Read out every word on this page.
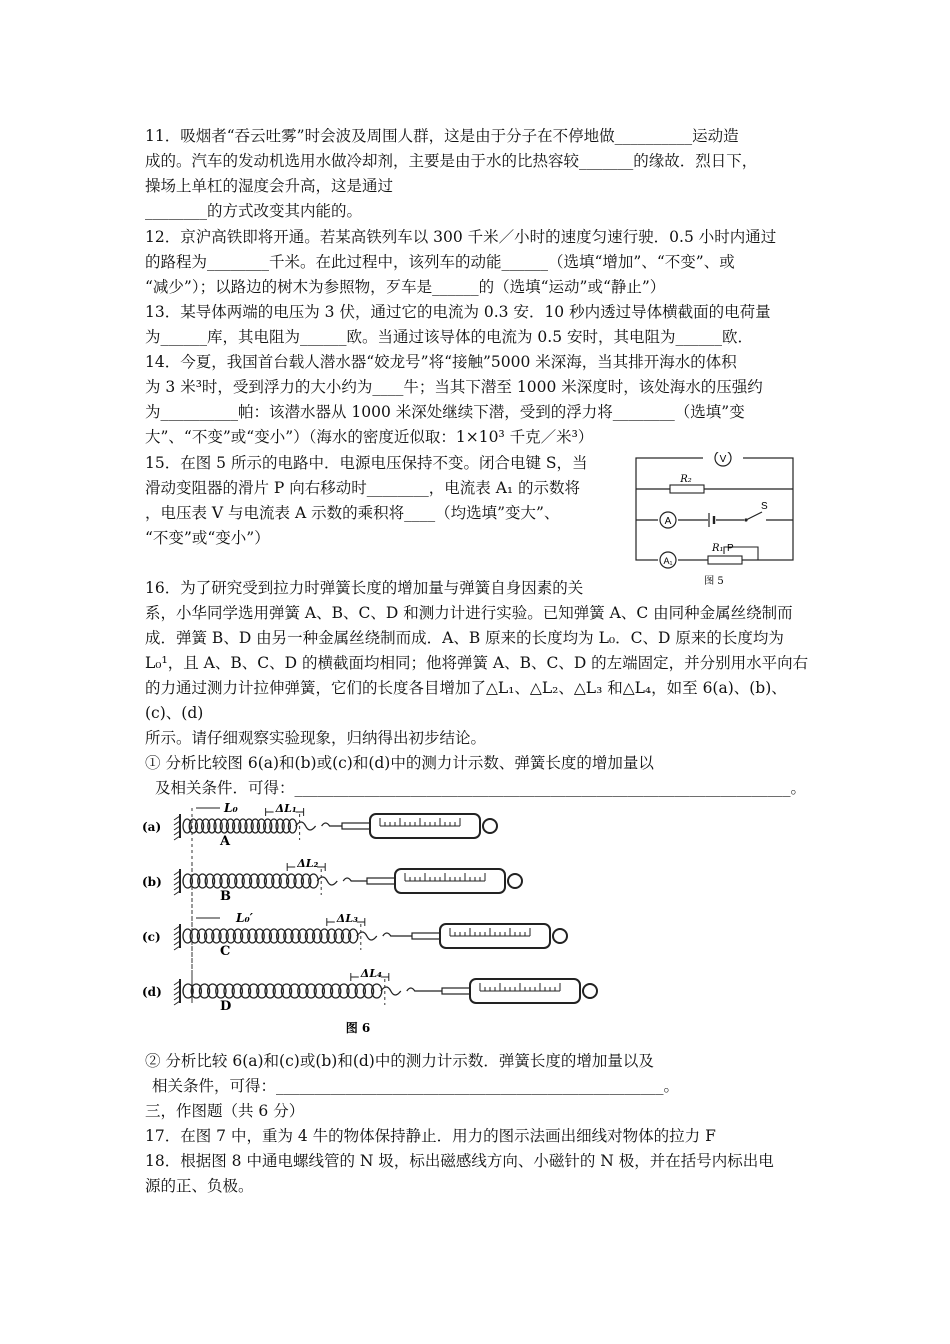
11．吸烟者“吞云吐雾”时会波及周围人群，这是由于分子在不停地做__________运动造
成的。汽车的发动机选用水做冷却剂，主要是由于水的比热容较_______的缘故．烈日下，
操场上单杠的湿度会升高，这是通过
________的方式改变其内能的。
12．京沪高铁即将开通。若某高铁列车以 300 千米／小时的速度匀速行驶．0.5 小时内通过
的路程为________千米。在此过程中，该列车的动能______（选填“增加”、“不变”、或
“减少”）；以路边的树木为参照物，歹车是______的（选填“运动”或“静止”）
13．某导体两端的电压为 3 伏，通过它的电流为 0.3 安．10 秒内透过导体横截面的电荷量
为______库，其电阻为______欧。当通过该导体的电流为 0.5 安时，其电阻为______欧．
14．今夏，我国首台载人潜水器“姣龙号”将“接触”5000 米深海，当其排开海水的体积
为 3 米³时，受到浮力的大小约为____牛；当其下潜至 1000 米深度时，该处海水的压强约
为__________帕：该潜水器从 1000 米深处继续下潜，受到的浮力将________（选填”变
大”、“不变”或“变小”）（海水的密度近似取：1×10³ 千克／米³）
15．在图 5 所示的电路中．电源电压保持不变。闭合电键 S，当
滑动变阻器的滑片 P 向右移动时________，电流表 A₁ 的示数将
，电压表 V 与电流表 A 示数的乘积将____（均选填”变大”、
“不变”或“变小”）
V
R₂
A
S
A₁
R₁ P
图 5
16．为了研究受到拉力时弹簧长度的增加量与弹簧自身因素的关
系，小华同学选用弹簧 A、B、C、D 和测力计进行实验。已知弹簧 A、C 由同种金属丝绕制而
成．弹簧 B、D 由另一种金属丝绕制而成．A、B 原来的长度均为 L₀．C、D 原来的长度均为
L₀¹，且 A、B、C、D 的横截面均相同；他将弹簧 A、B、C、D 的左端固定，并分别用水平向右
的力通过测力计拉伸弹簧，它们的长度各目增加了△L₁、△L₂、△L₃ 和△L₄，如至 6(a)、(b)、
(c)、(d)
所示。请仔细观察实验现象，归纳得出初步结论。
① 分析比较图 6(a)和(b)或(c)和(d)中的测力计示数、弹簧长度的增加量以
及相关条件．可得：________________________________________________________________。
(a)
A
L₀	ΔL₁
(b)
B
ΔL₂
(c)
C
L₀′	ΔL₃
(d)
D
ΔL₄
图 6
② 分析比较 6(a)和(c)或(b)和(d)中的测力计示数．弹簧长度的增加量以及
相关条件，可得：__________________________________________________。
三，作图题（共 6 分）
17．在图 7 中，重为 4 牛的物体保持静止．用力的图示法画出细线对物体的拉力 F
18．根据图 8 中通电螺线管的 N 圾，标出磁感线方向、小磁针的 N 极，并在括号内标出电
源的正、负极。
